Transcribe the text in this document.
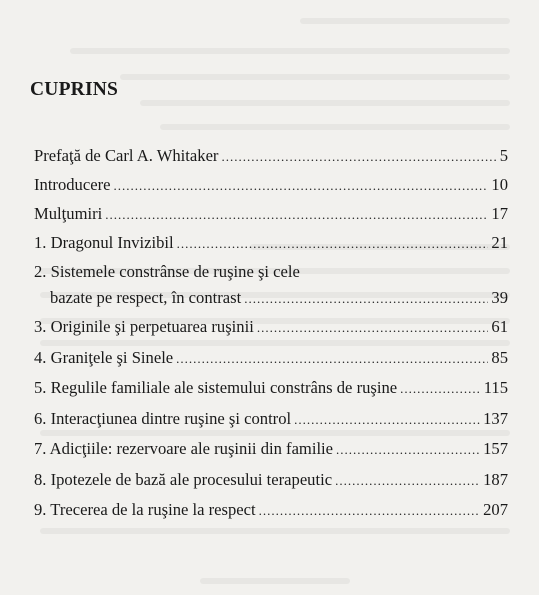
CUPRINS
Prefaţă de Carl A. Whitaker .....	5
Introducere .....	10
Mulţumiri .....	17
1. Dragonul Invizibil .....	21
2. Sistemele constrânse de ruşine şi cele
bazate pe respect, în contrast .....	39
3. Originile şi perpetuarea ruşinii .....	61
4. Graniţele şi Sinele .....	85
5. Regulile familiale ale sistemului constrâns de ruşine .....	115
6. Interacţiunea dintre ruşine şi control .....	137
7. Adicţiile: rezervoare ale ruşinii din familie .....	157
8. Ipotezele de bază ale procesului terapeutic .....	187
9. Trecerea de la ruşine la respect .....	207
